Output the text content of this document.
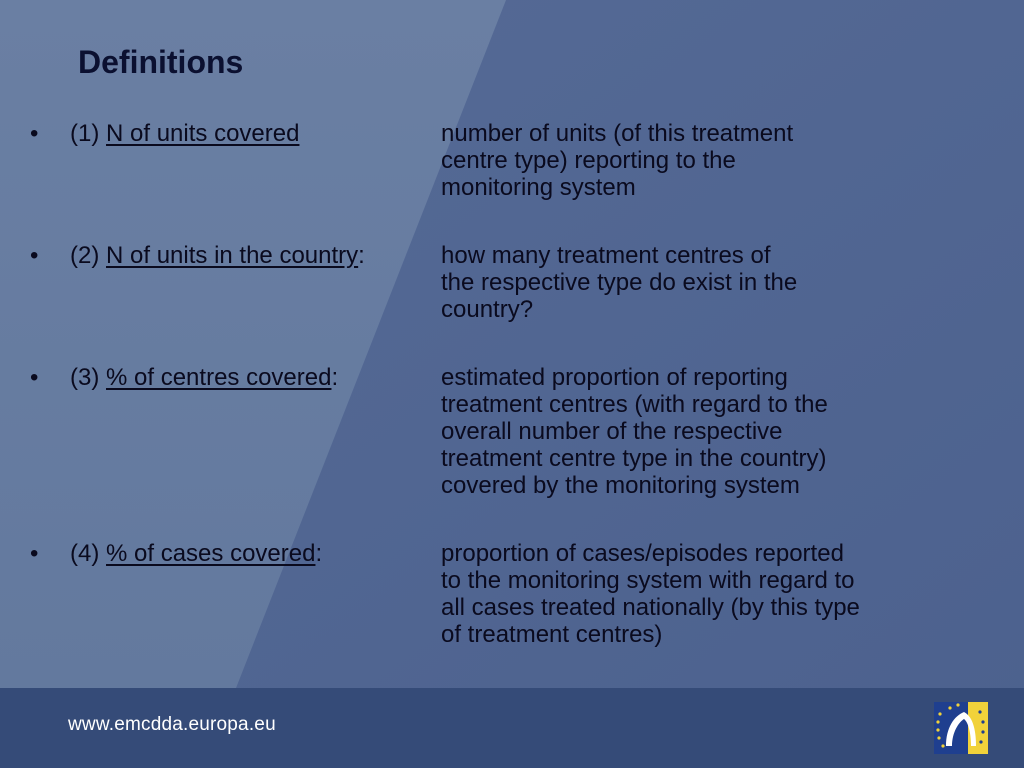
Definitions
• (1) N of units covered	number of units (of this treatment
centre type) reporting to the
monitoring system
• (2) N of units in the country:	how many treatment centres of
the respective type do exist in the
country?
• (3) % of centres covered:	estimated proportion of reporting
treatment centres (with regard to the
overall number of the respective
treatment centre type in the country)
covered by the monitoring system
• (4) % of cases covered:	proportion of cases/episodes reported
to the monitoring system with regard to
all cases treated nationally (by this type
of treatment centres)
www.emcdda.europa.eu
